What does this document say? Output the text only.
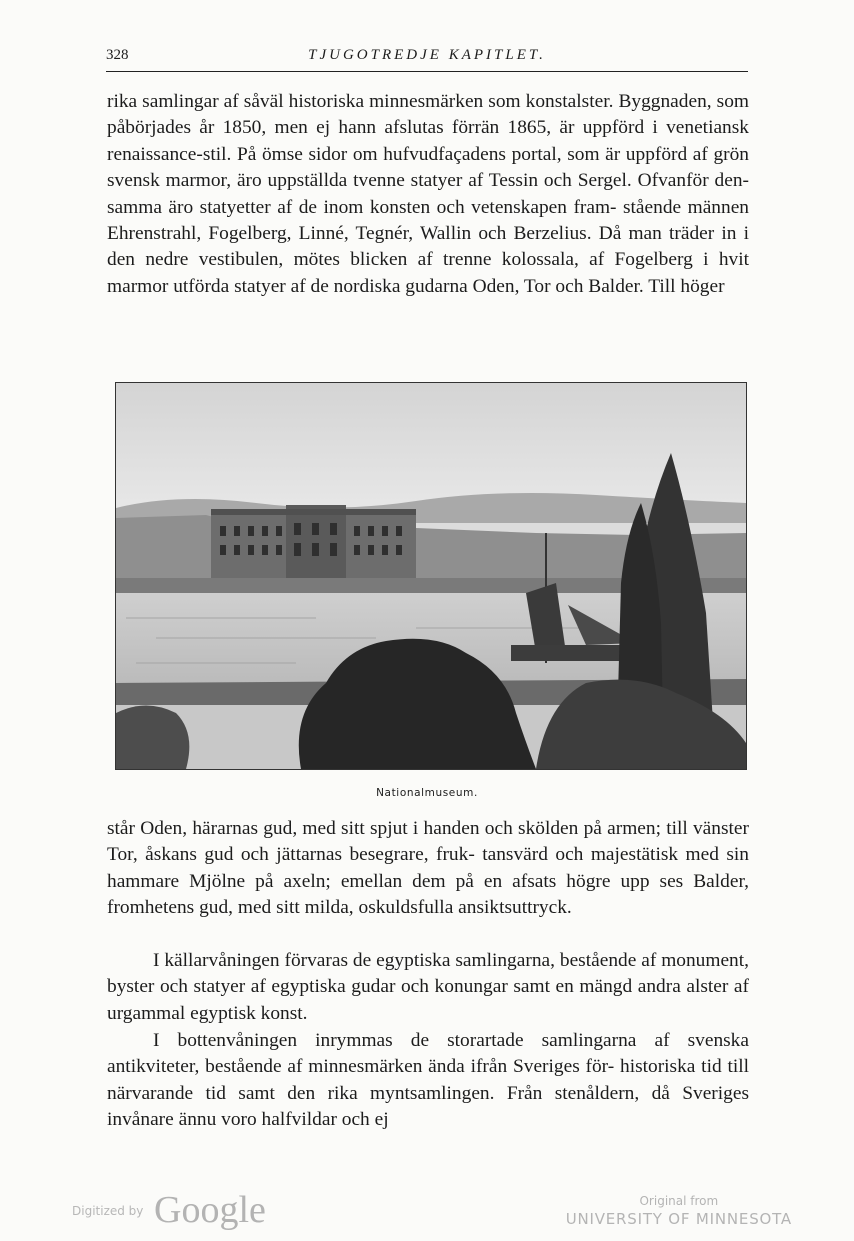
328	TJUGOTREDJE KAPITLET.

rika samlingar af såväl historiska minnesmärken som konstalster. Byggnaden, som påbörjades år 1850, men ej hann afslutas förrän 1865, är uppförd i venetiansk renaissance-stil. På ömse sidor om hufvudfaçadens portal, som är uppförd af grön svensk marmor, äro uppställda tvenne statyer af Tessin och Sergel. Ofvanför den- samma äro statyetter af de inom konsten och vetenskapen fram- stående männen Ehrenstrahl, Fogelberg, Linné, Tegnér, Wallin och Berzelius. Då man träder in i den nedre vestibulen, mötes blicken af trenne kolossala, af Fogelberg i hvit marmor utförda statyer af de nordiska gudarna Oden, Tor och Balder. Till höger

Nationalmuseum.

står Oden, härarnas gud, med sitt spjut i handen och skölden på armen; till vänster Tor, åskans gud och jättarnas besegrare, fruk- tansvärd och majestätisk med sin hammare Mjölne på axeln; emellan dem på en afsats högre upp ses Balder, fromhetens gud, med sitt milda, oskuldsfulla ansiktsuttryck.

I källarvåningen förvaras de egyptiska samlingarna, bestående af monument, byster och statyer af egyptiska gudar och konungar samt en mängd andra alster af urgammal egyptisk konst.

I bottenvåningen inrymmas de storartade samlingarna af svenska antikviteter, bestående af minnesmärken ända ifrån Sveriges för- historiska tid till närvarande tid samt den rika myntsamlingen. Från stenåldern, då Sveriges invånare ännu voro halfvildar och ej

Digitized by Google	Original from
UNIVERSITY OF MINNESOTA
